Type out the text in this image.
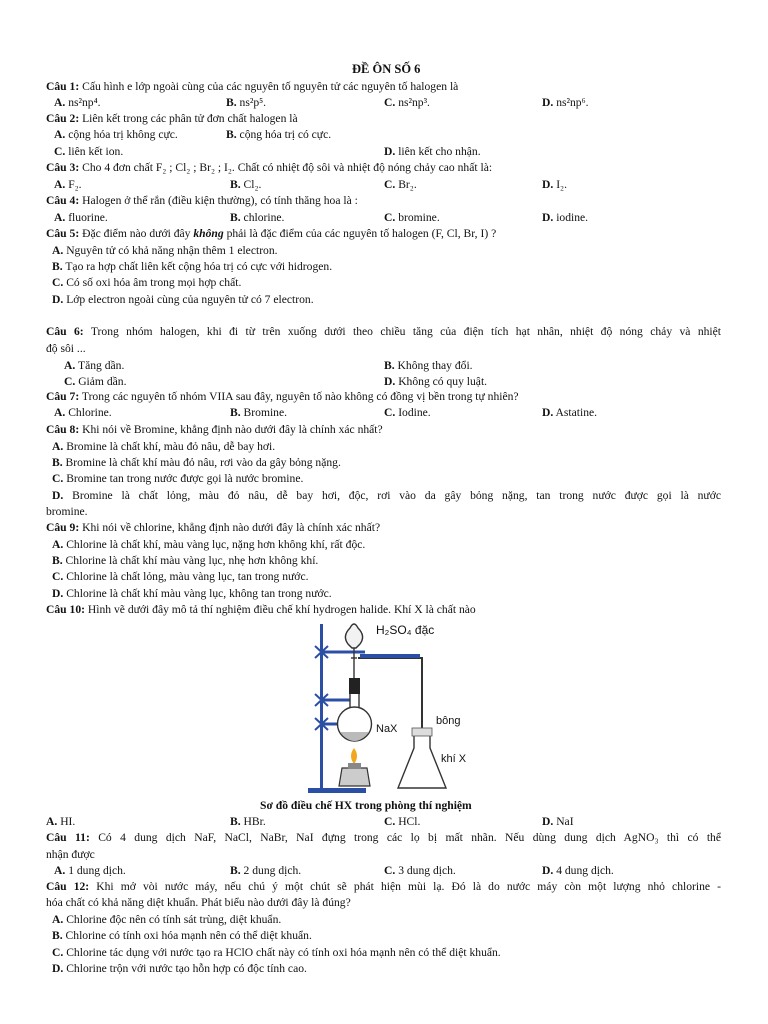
ĐỀ ÔN SỐ 6
Câu 1: Cấu hình e lớp ngoài cùng của các nguyên tố nguyên tử các nguyên tố halogen là
A. ns²np⁴.	B. ns²p⁵.	C. ns²np³.	D. ns²np⁶.
Câu 2: Liên kết trong các phân tử đơn chất halogen là
A. cộng hóa trị không cực.	B. cộng hóa trị có cực.
C. liên kết ion.	D. liên kết cho nhận.
Câu 3: Cho 4 đơn chất F₂ ; Cl₂ ; Br₂ ; I₂. Chất có nhiệt độ sôi và nhiệt độ nóng chảy cao nhất là:
A. F₂.	B. Cl₂.	C. Br₂.	D. I₂.
Câu 4: Halogen ở thể rắn (điều kiện thường), có tính thăng hoa là :
A. fluorine.	B. chlorine.	C. bromine.	D. iodine.
Câu 5: Đặc điểm nào dưới đây không phải là đặc điểm của các nguyên tố halogen (F, Cl, Br, I) ?
A. Nguyên tử có khả năng nhận thêm 1 electron.
B. Tạo ra hợp chất liên kết cộng hóa trị có cực với hidrogen.
C. Có số oxi hóa âm trong mọi hợp chất.
D. Lớp electron ngoài cùng của nguyên tử có 7 electron.
Câu 6: Trong nhóm halogen, khi đi từ trên xuống dưới theo chiều tăng của điện tích hạt nhân, nhiệt độ nóng chảy và nhiệt
độ sôi ...
A. Tăng dần.	B. Không thay đổi.
C. Giảm dần.	D. Không có quy luật.
Câu 7: Trong các nguyên tố nhóm VIIA sau đây, nguyên tố nào không có đồng vị bền trong tự nhiên?
A. Chlorine.	B. Bromine.	C. Iodine.	D. Astatine.
Câu 8: Khi nói về Bromine, khẳng định nào dưới đây là chính xác nhất?
A. Bromine là chất khí, màu đỏ nâu, dễ bay hơi.
B. Bromine là chất khí màu đỏ nâu, rơi vào da gây bỏng nặng.
C. Bromine tan trong nước được gọi là nước bromine.
D. Bromine là chất lỏng, màu đỏ nâu, dễ bay hơi, độc, rơi vào da gây bỏng nặng, tan trong nước được gọi là nước
bromine.
Câu 9: Khi nói về chlorine, khẳng định nào dưới đây là chính xác nhất?
A. Chlorine là chất khí, màu vàng lục, nặng hơn không khí, rất độc.
B. Chlorine là chất khí màu vàng lục, nhẹ hơn không khí.
C. Chlorine là chất lỏng, màu vàng lục, tan trong nước.
D. Chlorine là chất khí màu vàng lục, không tan trong nước.
Câu 10: Hình vẽ dưới đây mô tả thí nghiệm điều chế khí hydrogen halide. Khí X là chất nào
H₂SO₄ đặc
NaX
bông
khí X
Sơ đồ điều chế HX trong phòng thí nghiệm
A. HI.	B. HBr.	C. HCl.	D. NaI
Câu 11: Có 4 dung dịch NaF, NaCl, NaBr, NaI đựng trong các lọ bị mất nhãn. Nếu dùng dung dịch AgNO₃ thì có thể
nhận được
A. 1 dung dịch.	B. 2 dung dịch.	C. 3 dung dịch.	D. 4 dung dịch.
Câu 12: Khi mở vòi nước máy, nếu chú ý một chút sẽ phát hiện mùi lạ. Đó là do nước máy còn một lượng nhỏ chlorine -
hóa chất có khả năng diệt khuẩn. Phát biểu nào dưới đây là đúng?
A. Chlorine độc nên có tính sát trùng, diệt khuẩn.
B. Chlorine có tính oxi hóa mạnh nên có thể diệt khuẩn.
C. Chlorine tác dụng với nước tạo ra HClO chất này có tính oxi hóa mạnh nên có thể diệt khuẩn.
D. Chlorine trộn với nước tạo hỗn hợp có độc tính cao.
